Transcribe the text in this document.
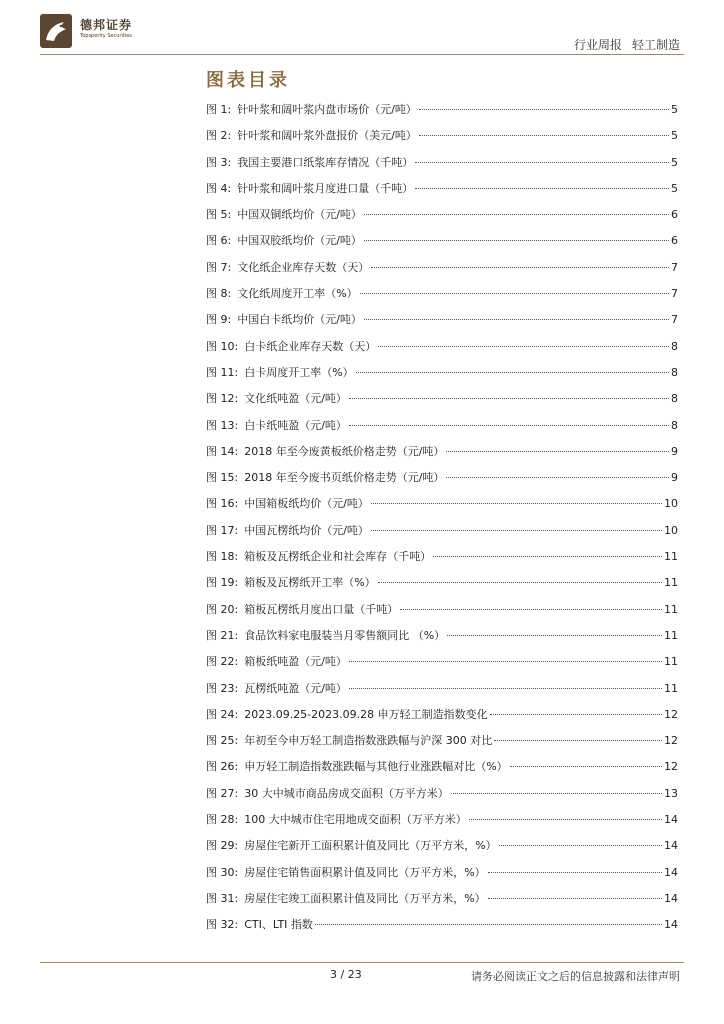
德邦证券
Topsperity Securities
行业周报 轻工制造
图表目录
图 1: 针叶浆和阔叶浆内盘市场价（元/吨）	5
图 2: 针叶浆和阔叶浆外盘报价（美元/吨）	5
图 3: 我国主要港口纸浆库存情况（千吨）	5
图 4: 针叶浆和阔叶浆月度进口量（千吨）	5
图 5: 中国双铜纸均价（元/吨）	6
图 6: 中国双胶纸均价（元/吨）	6
图 7: 文化纸企业库存天数（天）	7
图 8: 文化纸周度开工率（%）	7
图 9: 中国白卡纸均价（元/吨）	7
图 10: 白卡纸企业库存天数（天）	8
图 11: 白卡周度开工率（%）	8
图 12: 文化纸吨盈（元/吨）	8
图 13: 白卡纸吨盈（元/吨）	8
图 14: 2018 年至今废黄板纸价格走势（元/吨）	9
图 15: 2018 年至今废书页纸价格走势（元/吨）	9
图 16: 中国箱板纸均价（元/吨）	10
图 17: 中国瓦楞纸均价（元/吨）	10
图 18: 箱板及瓦楞纸企业和社会库存（千吨）	11
图 19: 箱板及瓦楞纸开工率（%）	11
图 20: 箱板瓦楞纸月度出口量（千吨）	11
图 21: 食品饮料家电服装当月零售额同比 （%）	11
图 22: 箱板纸吨盈（元/吨）	11
图 23: 瓦楞纸吨盈（元/吨）	11
图 24: 2023.09.25-2023.09.28 申万轻工制造指数变化	12
图 25: 年初至今申万轻工制造指数涨跌幅与沪深 300 对比	12
图 26: 申万轻工制造指数涨跌幅与其他行业涨跌幅对比（%）	12
图 27: 30 大中城市商品房成交面积（万平方米）	13
图 28: 100 大中城市住宅用地成交面积（万平方米）	14
图 29: 房屋住宅新开工面积累计值及同比（万平方米，%）	14
图 30: 房屋住宅销售面积累计值及同比（万平方米，%）	14
图 31: 房屋住宅竣工面积累计值及同比（万平方米，%）	14
图 32: CTI、LTI 指数	14
3 / 23	请务必阅读正文之后的信息披露和法律声明
